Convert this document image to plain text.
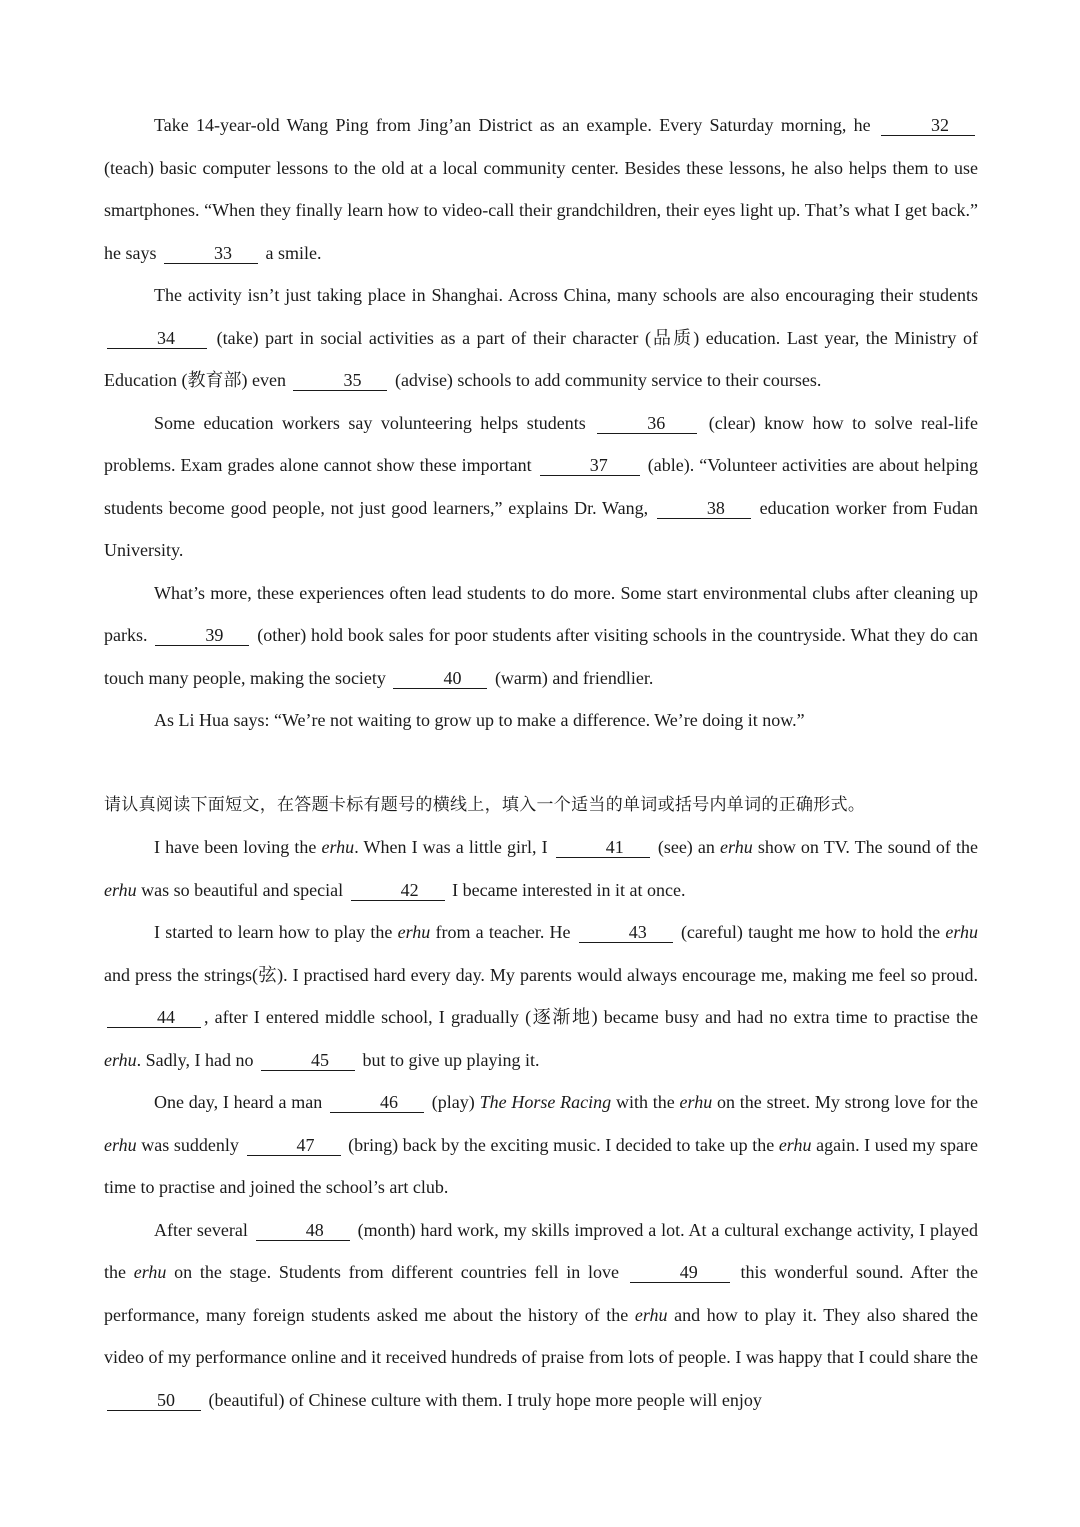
Take 14-year-old Wang Ping from Jing’an District as an example. Every Saturday morning, he	32 (teach) basic computer lessons to the old at a local community center. Besides these lessons, he also helps them to use smartphones. “When they finally learn how to video-call their grandchildren, their eyes light up. That’s what I get back.” he says	33 a smile.

The activity isn’t just taking place in Shanghai. Across China, many schools are also encouraging their students 34 (take) part in social activities as a part of their character (品质) education. Last year, the Ministry of Education (教育部) even	35 (advise) schools to add community service to their courses.

Some education workers say volunteering helps students	36 (clear) know how to solve real-life problems. Exam grades alone cannot show these important	37 (able). “Volunteer activities are about helping students become good people, not just good learners,” explains Dr. Wang,	38 education worker from Fudan University.

What’s more, these experiences often lead students to do more. Some start environmental clubs after cleaning up parks.	39 (other) hold book sales for poor students after visiting schools in the countryside. What they do can touch many people, making the society	40 (warm) and friendlier.

As Li Hua says: “We’re not waiting to grow up to make a difference. We’re doing it now.”

请认真阅读下面短文，在答题卡标有题号的横线上，填入一个适当的单词或括号内单词的正确形式。

I have been loving the erhu. When I was a little girl, I	41 (see) an erhu show on TV. The sound of the erhu was so beautiful and special	42 I became interested in it at once.

I started to learn how to play the erhu from a teacher. He	43 (careful) taught me how to hold the erhu and press the strings(弦). I practised hard every day. My parents would always encourage me, making me feel so proud. 44 , after I entered middle school, I gradually (逐渐地) became busy and had no extra time to practise the erhu. Sadly, I had no	45 but to give up playing it.

One day, I heard a man	46 (play) The Horse Racing with the erhu on the street. My strong love for the erhu was suddenly	47 (bring) back by the exciting music. I decided to take up the erhu again. I used my spare time to practise and joined the school’s art club.

After several	48 (month) hard work, my skills improved a lot. At a cultural exchange activity, I played the erhu on the stage. Students from different countries fell in love	49 this wonderful sound. After the performance, many foreign students asked me about the history of the erhu and how to play it. They also shared the video of my performance online and it received hundreds of praise from lots of people. I was happy that I could share the 50 (beautiful) of Chinese culture with them. I truly hope more people will enjoy
